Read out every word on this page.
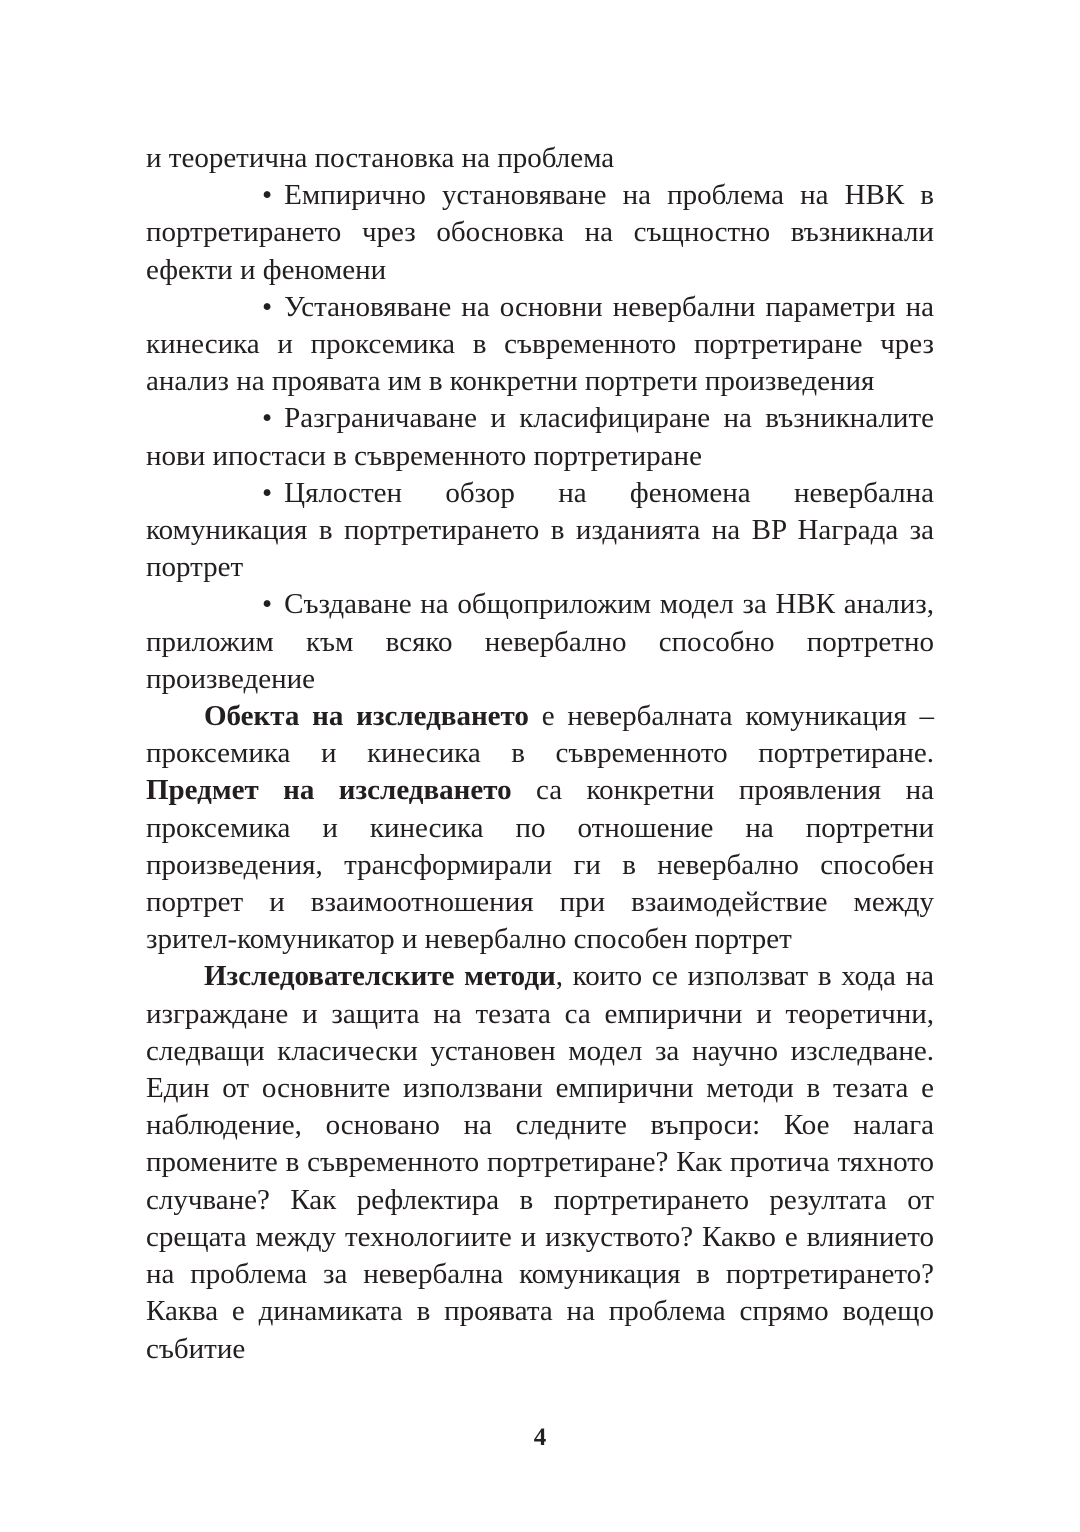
и теоретична постановка на проблема

• Емпирично установяване на проблема на НВК в портретирането чрез обосновка на същностно възникнали ефекти и феномени

• Установяване на основни невербални параметри на кинесика и проксемика в съвременното портретиране чрез анализ на проявата им в конкретни портрети произведения

• Разграничаване и класифициране на възникналите нови ипостаси в съвременното портретиране

• Цялостен обзор на феномена невербална комуникация в портретирането в изданията на BP Награда за портрет

• Създаване на общоприложим модел за НВК анализ, приложим към всяко невербално способно портретно произведение

Обекта на изследването е невербалната комуникация – проксемика и кинесика в съвременното портретиране. Предмет на изследването са конкретни проявления на проксемика и кинесика по отношение на портретни произведения, трансформирали ги в невербално способен портрет и взаимоотношения при взаимодействие между зрител-комуникатор и невербално способен портрет

Изследователските методи, които се използват в хода на изграждане и защита на тезата са емпирични и теоретични, следващи класически установен модел за научно изследване. Един от основните използвани емпирични методи в тезата е наблюдение, основано на следните въпроси: Кое налага промените в съвременното портретиране? Как протича тяхното случване? Как рефлектира в портретирането резултата от срещата между технологиите и изкуството? Какво е влиянието на проблема за невербална комуникация в портретирането? Каква е динамиката в проявата на проблема спрямо водещо събитие

4
